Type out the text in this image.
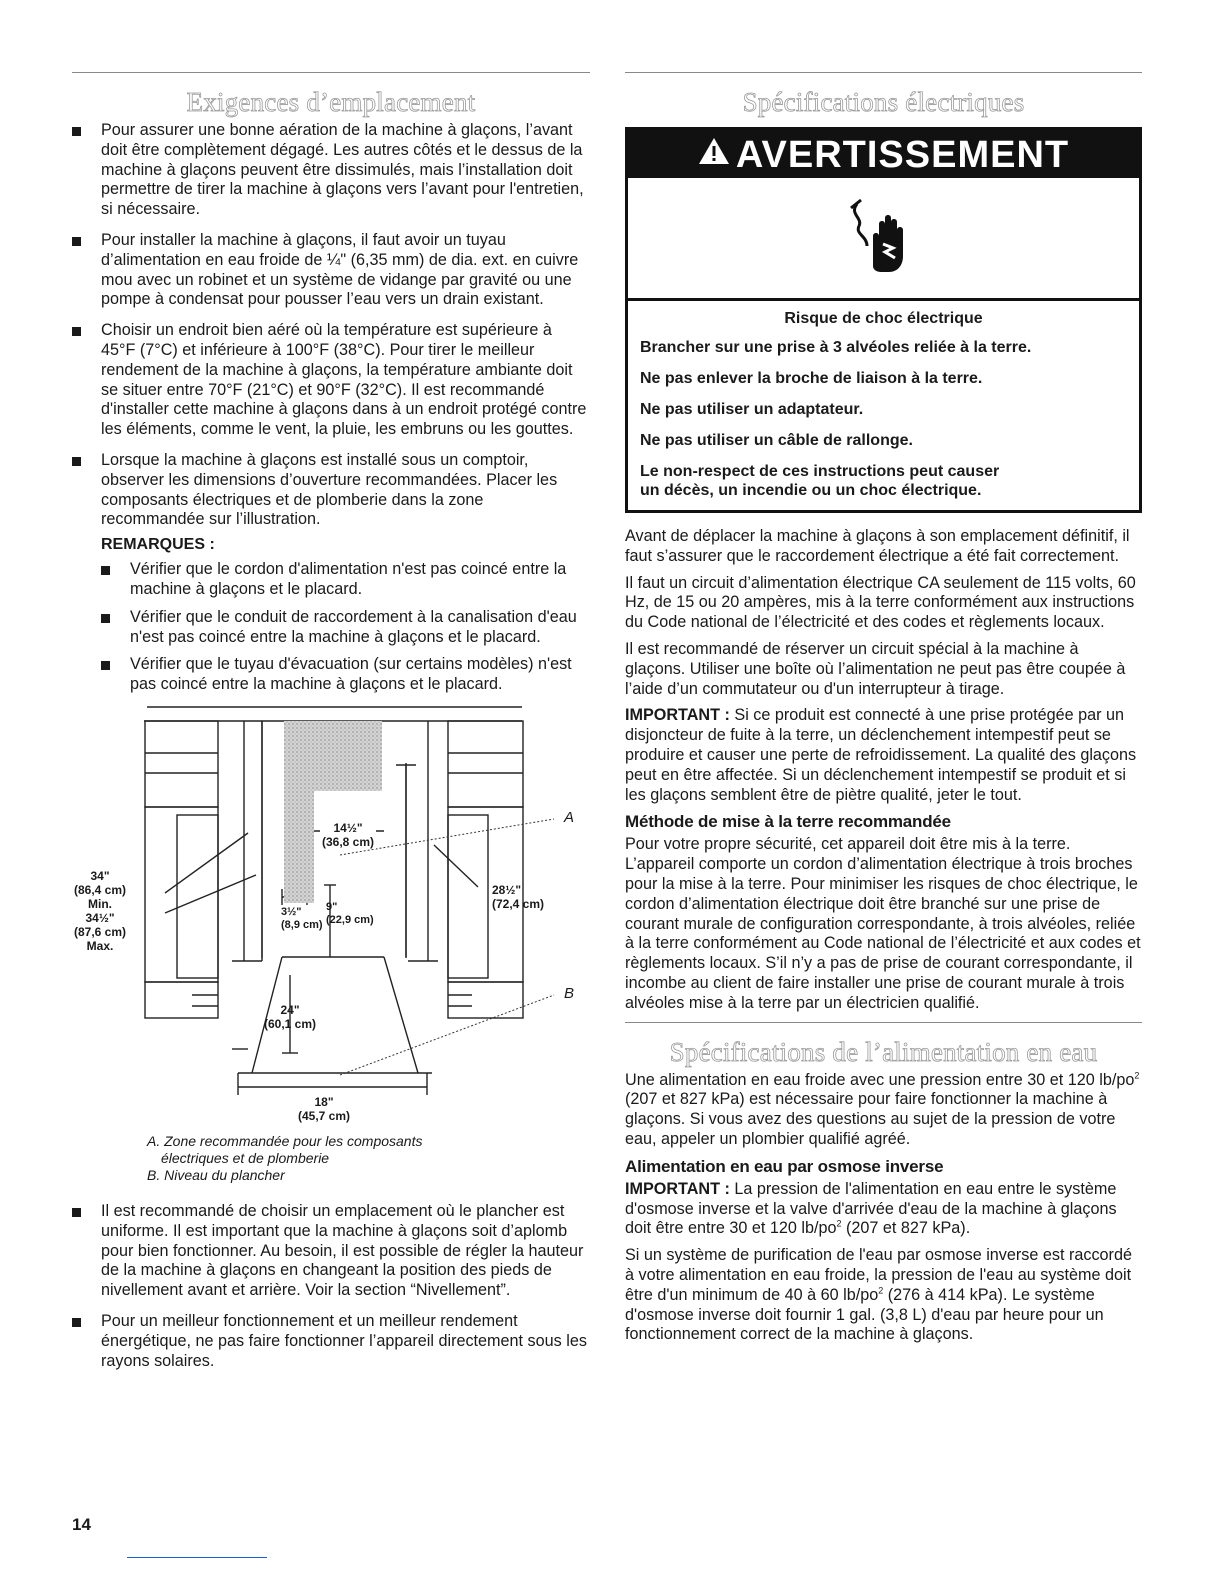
Exigences d’emplacement
Pour assurer une bonne aération de la machine à glaçons, l’avant doit être complètement dégagé. Les autres côtés et le dessus de la machine à glaçons peuvent être dissimulés, mais l’installation doit permettre de tirer la machine à glaçons vers l’avant pour l'entretien, si nécessaire.
Pour installer la machine à glaçons, il faut avoir un tuyau d’alimentation en eau froide de ¼" (6,35 mm) de dia. ext. en cuivre mou avec un robinet et un système de vidange par gravité ou une pompe à condensat pour pousser l’eau vers un drain existant.
Choisir un endroit bien aéré où la température est supérieure à 45°F (7°C) et inférieure à 100°F (38°C). Pour tirer le meilleur rendement de la machine à glaçons, la température ambiante doit se situer entre 70°F (21°C) et 90°F (32°C). Il est recommandé d'installer cette machine à glaçons dans à un endroit protégé contre les éléments, comme le vent, la pluie, les embruns ou les gouttes.
Lorsque la machine à glaçons est installé sous un comptoir, observer les dimensions d’ouverture recommandées. Placer les composants électriques et de plomberie dans la zone recommandée sur l’illustration.
REMARQUES :
Vérifier que le cordon d'alimentation n'est pas coincé entre la machine à glaçons et le placard.
Vérifier que le conduit de raccordement à la canalisation d'eau n'est pas coincé entre la machine à glaçons et le placard.
Vérifier que le tuyau d'évacuation (sur certains modèles) n'est pas coincé entre la machine à glaçons et le placard.
34"
(86,4 cm)
Min.
34½"
(87,6 cm)
Max.
14½"
(36,8 cm)
28½"
(72,4 cm)
3½"
(8,9 cm)
9"
(22,9 cm)
24"
(60,1 cm)
18"
(45,7 cm)
A
B
A. Zone recommandée pour les composants
électriques et de plomberie
B. Niveau du plancher
Il est recommandé de choisir un emplacement où le plancher est uniforme. Il est important que la machine à glaçons soit d’aplomb pour bien fonctionner. Au besoin, il est possible de régler la hauteur de la machine à glaçons en changeant la position des pieds de nivellement avant et arrière. Voir la section “Nivellement”.
Pour un meilleur fonctionnement et un meilleur rendement énergétique, ne pas faire fonctionner l’appareil directement sous les rayons solaires.
Spécifications électriques
AVERTISSEMENT
Risque de choc électrique
Brancher sur une prise à 3 alvéoles reliée à la terre.
Ne pas enlever la broche de liaison à la terre.
Ne pas utiliser un adaptateur.
Ne pas utiliser un câble de rallonge.
Le non-respect de ces instructions peut causer
un décès, un incendie ou un choc électrique.

Avant de déplacer la machine à glaçons à son emplacement définitif, il faut s’assurer que le raccordement électrique a été fait correctement.

Il faut un circuit d’alimentation électrique CA seulement de 115 volts, 60 Hz, de 15 ou 20 ampères, mis à la terre conformément aux instructions du Code national de l’électricité et des codes et règlements locaux.

Il est recommandé de réserver un circuit spécial à la machine à glaçons. Utiliser une boîte où l’alimentation ne peut pas être coupée à l’aide d’un commutateur ou d'un interrupteur à tirage.

IMPORTANT : Si ce produit est connecté à une prise protégée par un disjoncteur de fuite à la terre, un déclenchement intempestif peut se produire et causer une perte de refroidissement. La qualité des glaçons peut en être affectée. Si un déclenchement intempestif se produit et si les glaçons semblent être de piètre qualité, jeter le tout.

Méthode de mise à la terre recommandée

Pour votre propre sécurité, cet appareil doit être mis à la terre. L’appareil comporte un cordon d’alimentation électrique à trois broches pour la mise à la terre. Pour minimiser les risques de choc électrique, le cordon d’alimentation électrique doit être branché sur une prise de courant murale de configuration correspondante, à trois alvéoles, reliée à la terre conformément au Code national de l’électricité et aux codes et règlements locaux. S’il n’y a pas de prise de courant correspondante, il incombe au client de faire installer une prise de courant murale à trois alvéoles mise à la terre par un électricien qualifié.

Spécifications de l’alimentation en eau

Une alimentation en eau froide avec une pression entre 30 et 120 $lb/po^2$ (207 et 827 kPa) est nécessaire pour faire fonctionner la machine à glaçons. Si vous avez des questions au sujet de la pression de votre eau, appeler un plombier qualifié agréé.

Alimentation en eau par osmose inverse

IMPORTANT : La pression de l'alimentation en eau entre le système d'osmose inverse et la valve d'arrivée d'eau de la machine à glaçons doit être entre 30 et 120 $lb/po^2$ (207 et 827 kPa).

Si un système de purification de l'eau par osmose inverse est raccordé à votre alimentation en eau froide, la pression de l'eau au système doit être d'un minimum de 40 à 60 $lb/po^2$ (276 à 414 kPa). Le système d'osmose inverse doit fournir 1 gal. (3,8 L) d'eau par heure pour un fonctionnement correct de la machine à glaçons.

14
